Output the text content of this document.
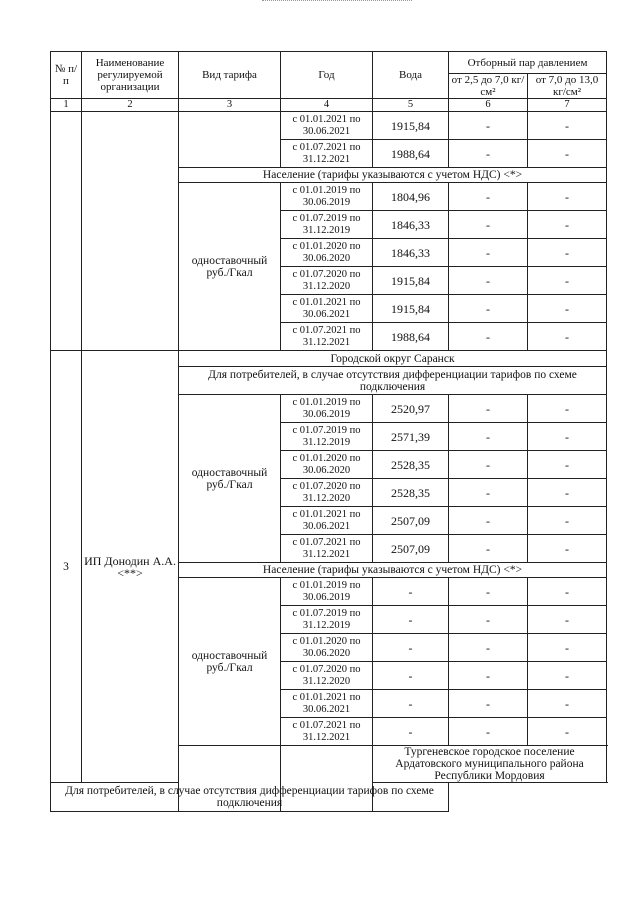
№ п/п	Наименование регулируемой организации	Вид тарифа	Год	Вода	Отборный пар давлением	
					от 2,5 до 7,0 кг/см²	от 7,0 до 13,0 кг/см²
1	2	3	4	5	6	7
			с 01.01.2021 по 30.06.2021	1915,84	-	-
			с 01.07.2021 по 31.12.2021	1988,64	-	-
		Население (тарифы указываются с учетом НДС) <*>				
		одноставочный руб./Гкал	с 01.01.2019 по 30.06.2019	1804,96	-	-
			с 01.07.2019 по 31.12.2019	1846,33	-	-
			с 01.01.2020 по 30.06.2020	1846,33	-	-
			с 01.07.2020 по 31.12.2020	1915,84	-	-
			с 01.01.2021 по 30.06.2021	1915,84	-	-
			с 01.07.2021 по 31.12.2021	1988,64	-	-
3	ИП Донодин А.А. <**>	Городской округ Саранск				
		Для потребителей, в случае отсутствия дифференциации тарифов по схеме подключения				
		одноставочный руб./Гкал	с 01.01.2019 по 30.06.2019	2520,97	-	-
			с 01.07.2019 по 31.12.2019	2571,39	-	-
			с 01.01.2020 по 30.06.2020	2528,35	-	-
			с 01.07.2020 по 31.12.2020	2528,35	-	-
			с 01.01.2021 по 30.06.2021	2507,09	-	-
			с 01.07.2021 по 31.12.2021	2507,09	-	-
		Население (тарифы указываются с учетом НДС) <*>				
		одноставочный руб./Гкал	с 01.01.2019 по 30.06.2019	-	-	-
			с 01.07.2019 по 31.12.2019	-	-	-
			с 01.01.2020 по 30.06.2020	-	-	-
			с 01.07.2020 по 31.12.2020	-	-	-
			с 01.01.2021 по 30.06.2021	-	-	-
			с 01.07.2021 по 31.12.2021	-	-	-

				Тургеневское городское поселение
Ардатовского муниципального района Республики Мордовия		

Для потребителей, в случае отсутствия дифференциации тарифов по схеме подключения						
